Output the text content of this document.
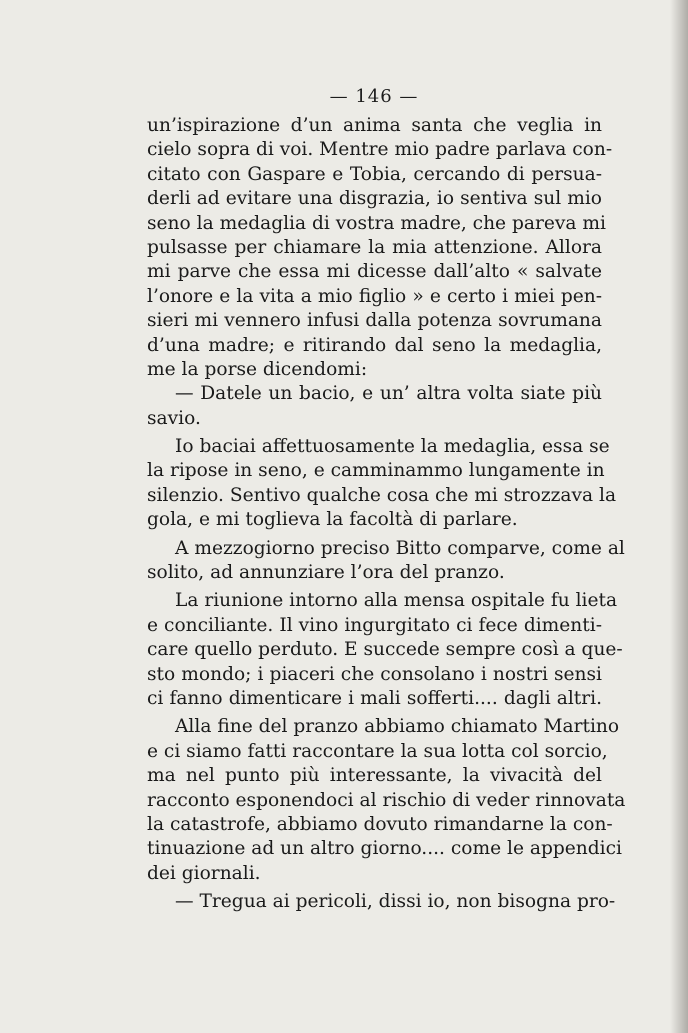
— 146 —
un’ispirazione d’un anima santa che veglia in
cielo sopra di voi. Mentre mio padre parlava con-
citato con Gaspare e Tobia, cercando di persua-
derli ad evitare una disgrazia, io sentiva sul mio
seno la medaglia di vostra madre, che pareva mi
pulsasse per chiamare la mia attenzione. Allora
mi parve che essa mi dicesse dall’alto « salvate
l’onore e la vita a mio figlio » e certo i miei pen-
sieri mi vennero infusi dalla potenza sovrumana
d’una madre; e ritirando dal seno la medaglia,
me la porse dicendomi:
— Datele un bacio, e un’ altra volta siate più
savio.
Io baciai affettuosamente la medaglia, essa se
la ripose in seno, e camminammo lungamente in
silenzio. Sentivo qualche cosa che mi strozzava la
gola, e mi toglieva la facoltà di parlare.
A mezzogiorno preciso Bitto comparve, come al
solito, ad annunziare l’ora del pranzo.
La riunione intorno alla mensa ospitale fu lieta
e conciliante. Il vino ingurgitato ci fece dimenti-
care quello perduto. E succede sempre così a que-
sto mondo; i piaceri che consolano i nostri sensi
ci fanno dimenticare i mali sofferti.... dagli altri.
Alla fine del pranzo abbiamo chiamato Martino
e ci siamo fatti raccontare la sua lotta col sorcio,
ma nel punto più interessante, la vivacità del
racconto esponendoci al rischio di veder rinnovata
la catastrofe, abbiamo dovuto rimandarne la con-
tinuazione ad un altro giorno.... come le appendici
dei giornali.
— Tregua ai pericoli, dissi io, non bisogna pro-
